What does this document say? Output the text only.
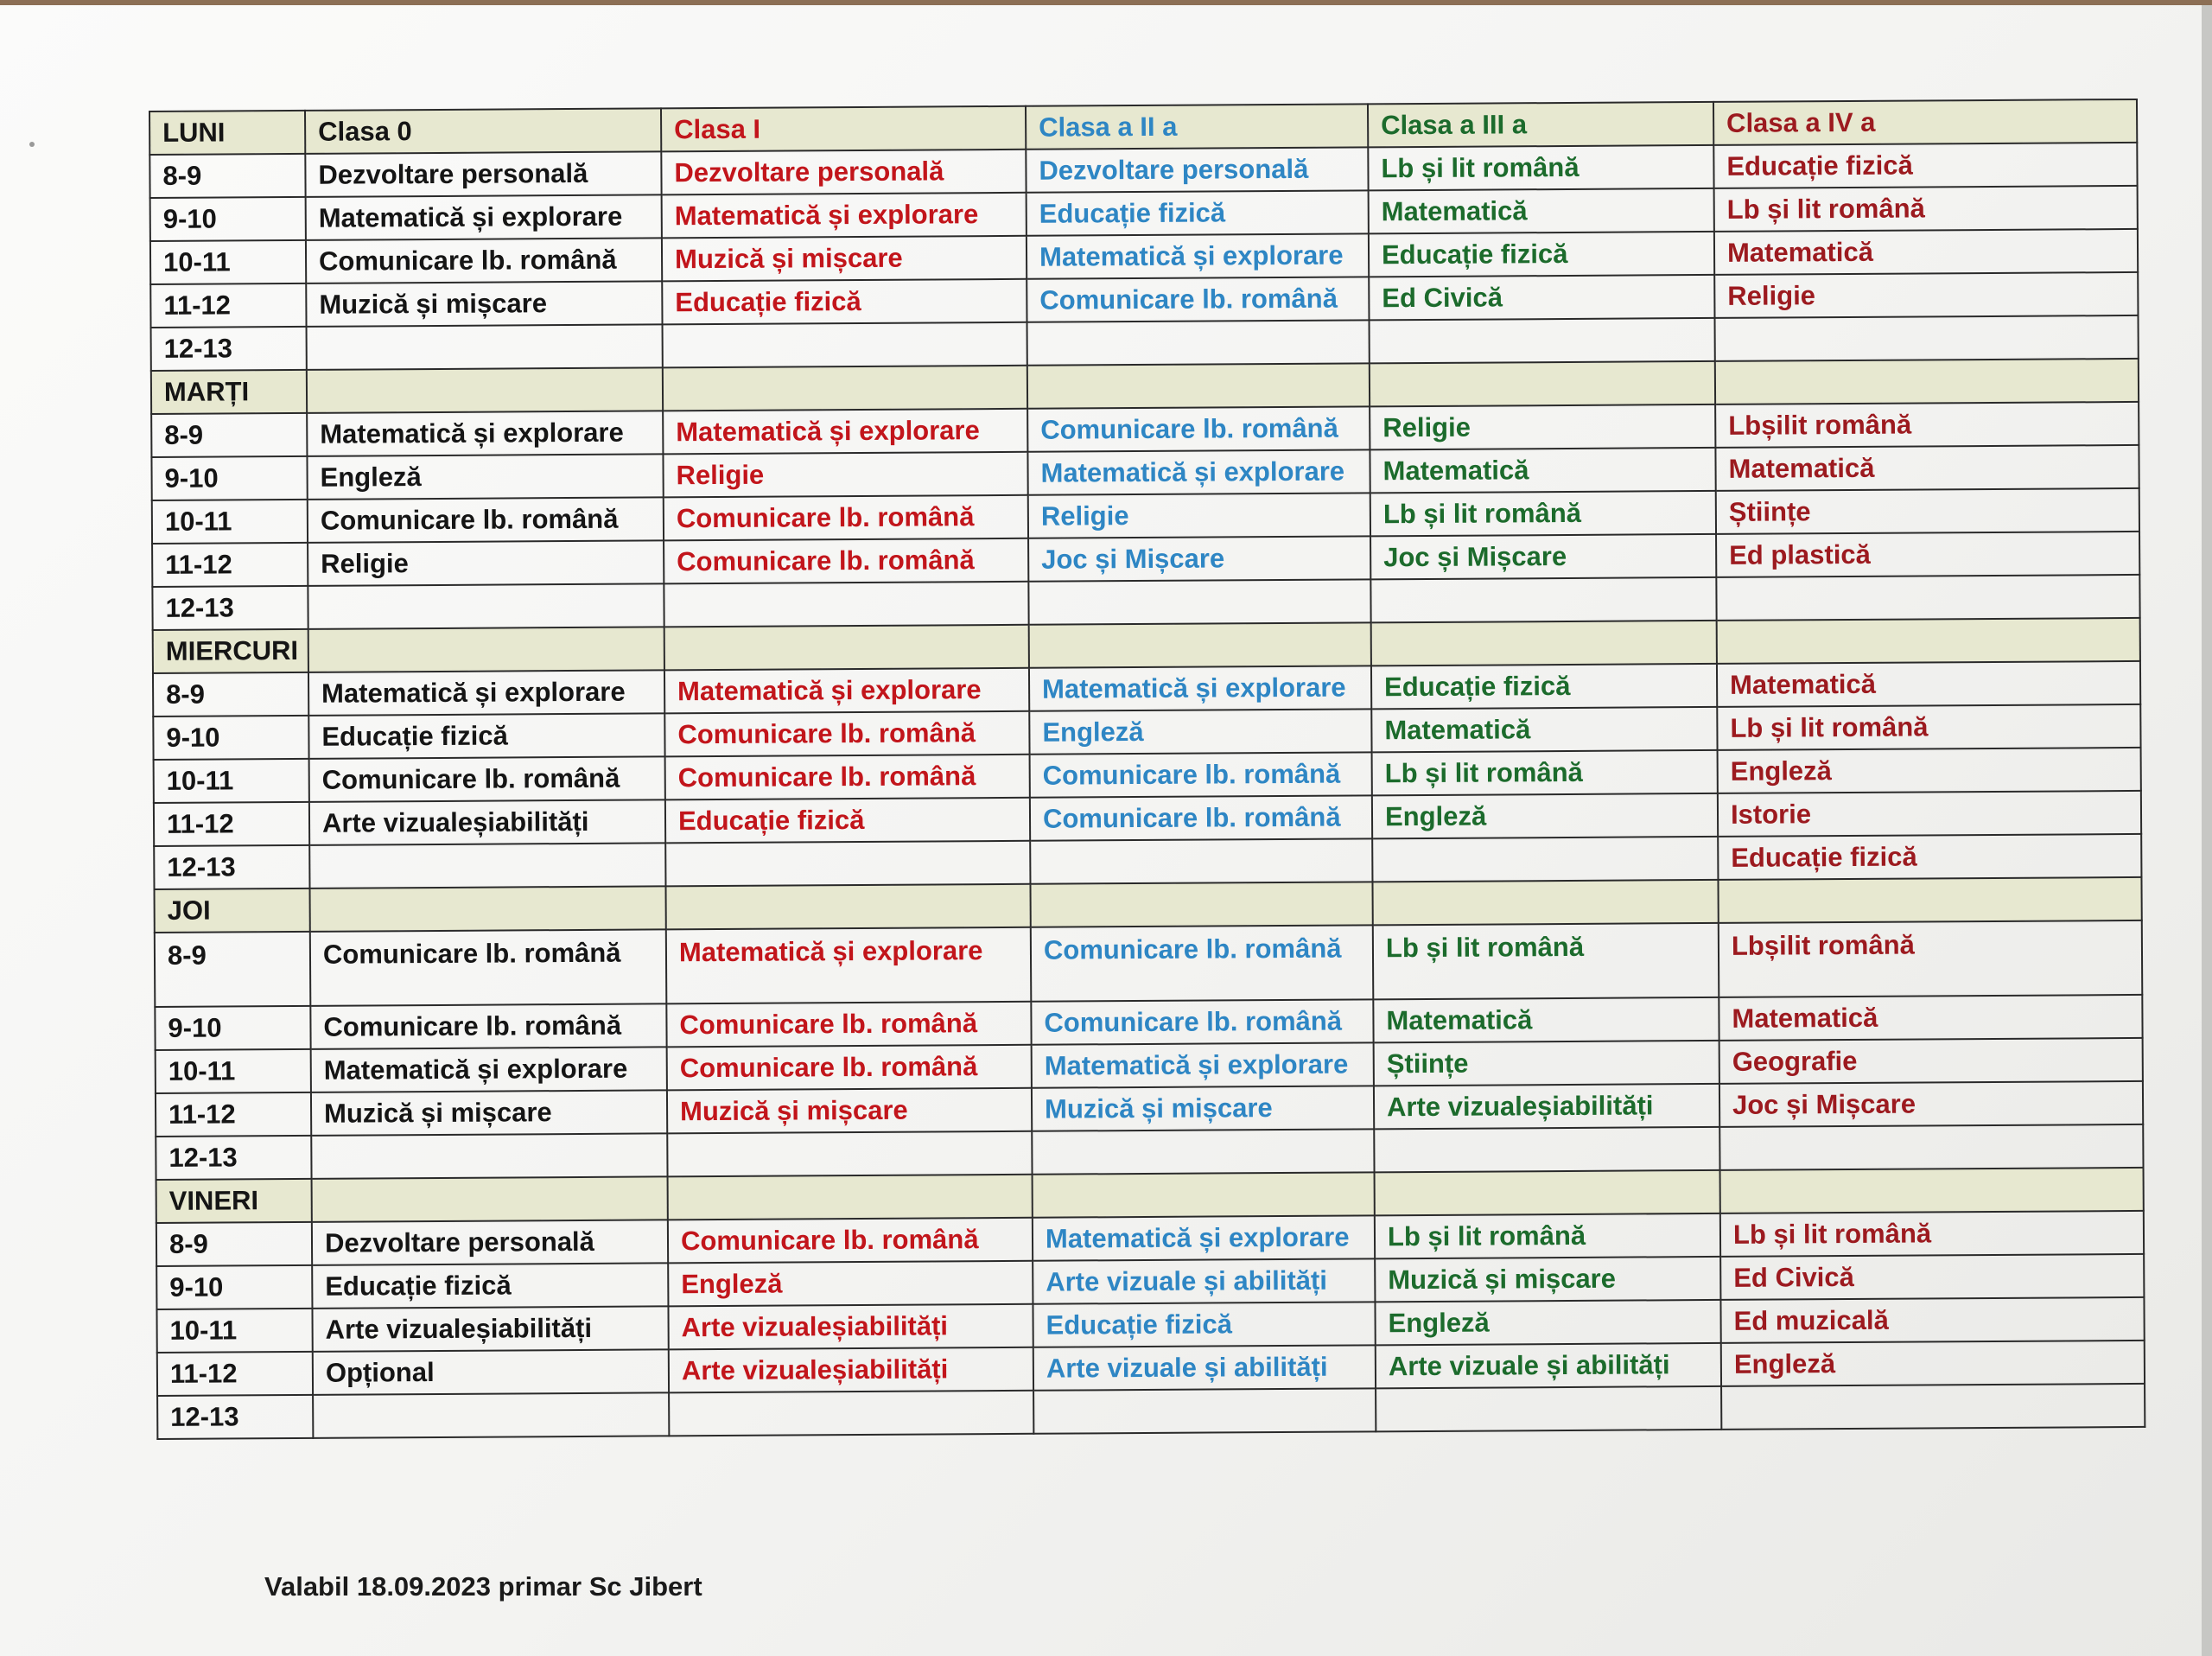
LUNI	Clasa 0	Clasa I	Clasa a II a	Clasa a III a	Clasa a IV a
8-9	Dezvoltare personală	Dezvoltare personală	Dezvoltare personală	Lb și lit română	Educație fizică
9-10	Matematică și explorare	Matematică și explorare	Educație fizică	Matematică	Lb și lit română
10-11	Comunicare lb. română	Muzică și mișcare	Matematică și explorare	Educație fizică	Matematică
11-12	Muzică și mișcare	Educație fizică	Comunicare lb. română	Ed Civică	Religie
12-13					
MARȚI					
8-9	Matematică și explorare	Matematică și explorare	Comunicare lb. română	Religie	Lbșilit română
9-10	Engleză	Religie	Matematică și explorare	Matematică	Matematică
10-11	Comunicare lb. română	Comunicare lb. română	Religie	Lb și lit română	Științe
11-12	Religie	Comunicare lb. română	Joc și Mișcare	Joc și Mișcare	Ed plastică
12-13					
MIERCURI					
8-9	Matematică și explorare	Matematică și explorare	Matematică și explorare	Educație fizică	Matematică
9-10	Educație fizică	Comunicare lb. română	Engleză	Matematică	Lb și lit română
10-11	Comunicare lb. română	Comunicare lb. română	Comunicare lb. română	Lb și lit română	Engleză
11-12	Arte vizualeșiabilități	Educație fizică	Comunicare lb. română	Engleză	Istorie
12-13					Educație fizică
JOI					
8-9	Comunicare lb. română	Matematică și explorare	Comunicare lb. română	Lb și lit română	Lbșilit română
9-10	Comunicare lb. română	Comunicare lb. română	Comunicare lb. română	Matematică	Matematică
10-11	Matematică și explorare	Comunicare lb. română	Matematică și explorare	Științe	Geografie
11-12	Muzică și mișcare	Muzică și mișcare	Muzică și mișcare	Arte vizualeșiabilități	Joc și Mișcare
12-13					
VINERI					
8-9	Dezvoltare personală	Comunicare lb. română	Matematică și explorare	Lb și lit română	Lb și lit română
9-10	Educație fizică	Engleză	Arte vizuale și abilități	Muzică și mișcare	Ed Civică
10-11	Arte vizualeșiabilități	Arte vizualeșiabilități	Educație fizică	Engleză	Ed muzicală
11-12	Opțional	Arte vizualeșiabilități	Arte vizuale și abilități	Arte vizuale și abilități	Engleză
12-13					
Valabil 18.09.2023 primar Sc Jibert
